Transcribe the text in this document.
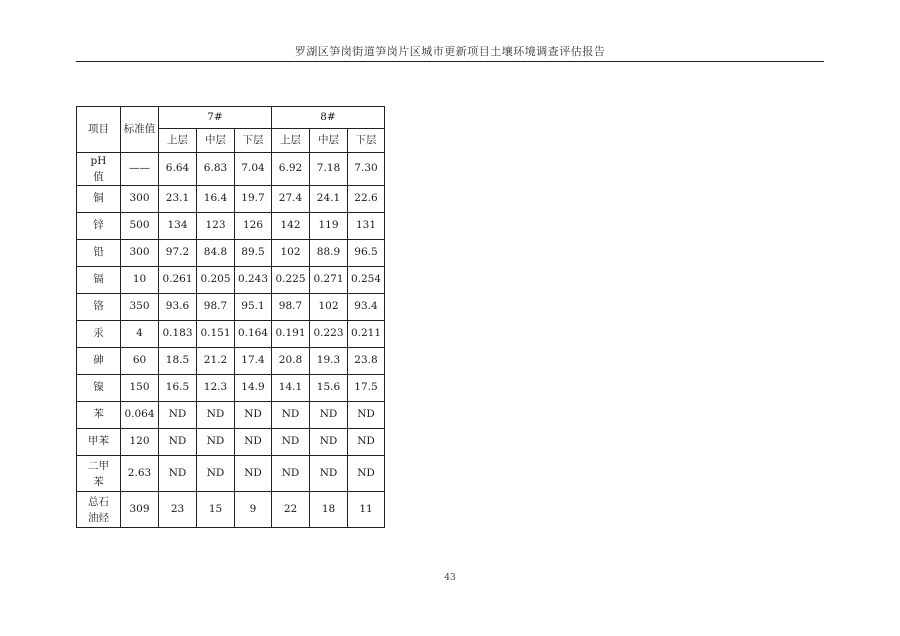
罗湖区笋岗街道笋岗片区城市更新项目土壤环境调查评估报告
项目	标准值	7#			8#		
		上层	中层	下层	上层	中层	下层
pH 值	——	6.64	6.83	7.04	6.92	7.18	7.30
铜	300	23.1	16.4	19.7	27.4	24.1	22.6
锌	500	134	123	126	142	119	131
铅	300	97.2	84.8	89.5	102	88.9	96.5
镉	10	0.261	0.205	0.243	0.225	0.271	0.254
铬	350	93.6	98.7	95.1	98.7	102	93.4
汞	4	0.183	0.151	0.164	0.191	0.223	0.211
砷	60	18.5	21.2	17.4	20.8	19.3	23.8
镍	150	16.5	12.3	14.9	14.1	15.6	17.5
苯	0.064	ND	ND	ND	ND	ND	ND
甲苯	120	ND	ND	ND	ND	ND	ND
二甲苯	2.63	ND	ND	ND	ND	ND	ND
总石油烃	309	23	15	9	22	18	11
43
